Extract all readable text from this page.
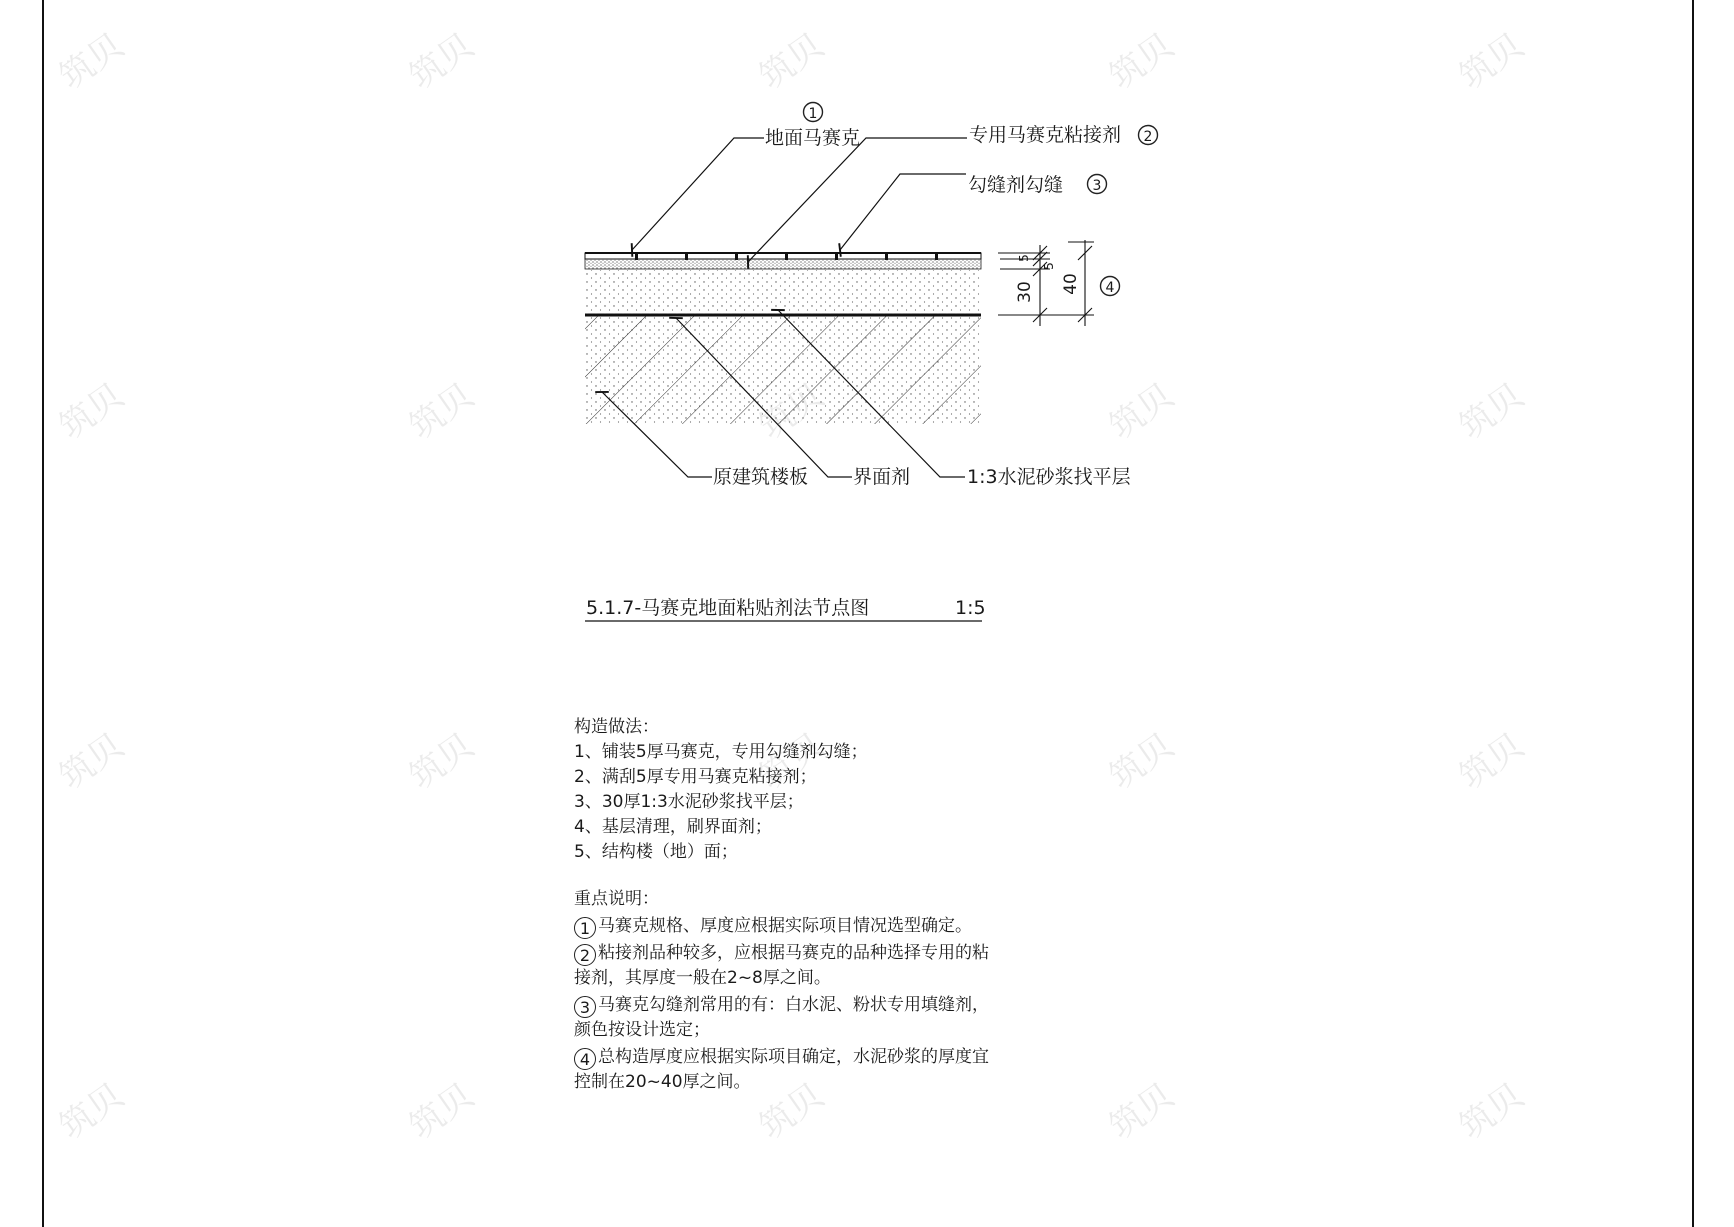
筑贝	筑贝	筑贝	筑贝	筑贝
筑贝	筑贝	筑贝	筑贝
筑贝	筑贝	筑贝	筑贝	筑贝
筑贝	筑贝	筑贝	筑贝	筑贝
1
地面马赛克	专用马赛克粘接剂 2
勾缝剂勾缝 3
原建筑楼板 界面剂	1:3水泥砂浆找平层
5
5
30 40 4
5.1.7-马赛克地面粘贴剂法节点图	1:5

构造做法：

1、铺装5厚马赛克，专用勾缝剂勾缝；
2、满刮5厚专用马赛克粘接剂；
3、30厚1:3水泥砂浆找平层；
4、基层清理，刷界面剂；
5、结构楼（地）面；

重点说明：

1 马赛克规格、厚度应根据实际项目情况选型确定。

2 粘接剂品种较多，应根据马赛克的品种选择专用的粘

接剂，其厚度一般在2~8厚之间。

3 马赛克勾缝剂常用的有：白水泥、粉状专用填缝剂，

颜色按设计选定；

4 总构造厚度应根据实际项目确定，水泥砂浆的厚度宜

控制在20~40厚之间。
